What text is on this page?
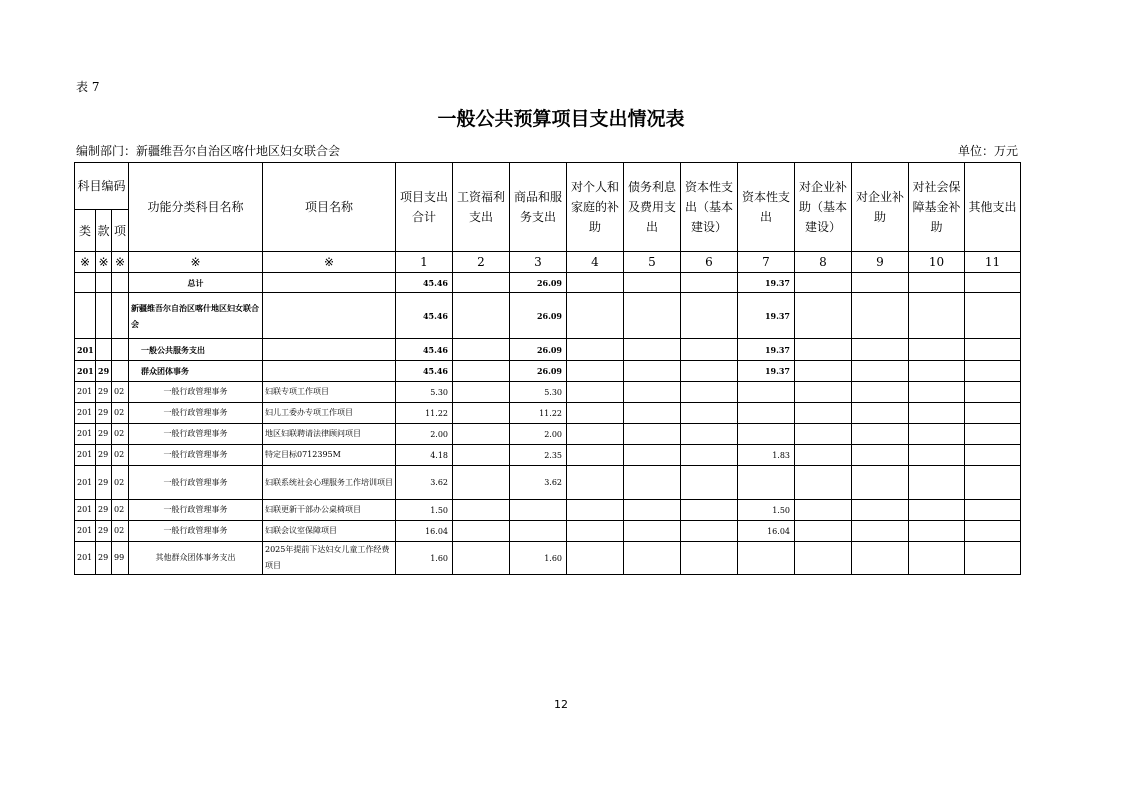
表 7
一般公共预算项目支出情况表
编制部门：新疆维吾尔自治区喀什地区妇女联合会	单位：万元
科目编码			功能分类科目名称	项目名称	项目支出合计	工资福利支出	商品和服务支出	对个人和家庭的补助	债务利息及费用支出	资本性支出（基本建设）	资本性支出	对企业补助（基本建设）	对企业补助	对社会保障基金补助	其他支出
类	款	项													
※	※	※	※	※	1	2	3	4	5	6	7	8	9	10	11
			总计		45.46		26.09				19.37				
			新疆维吾尔自治区喀什地区妇女联合会		45.46		26.09				19.37				
201			一般公共服务支出		45.46		26.09				19.37				
201	29		群众团体事务		45.46		26.09				19.37				
201	29	02	一般行政管理事务	妇联专项工作项目	5.30		5.30								
201	29	02	一般行政管理事务	妇儿工委办专项工作项目	11.22		11.22								
201	29	02	一般行政管理事务	地区妇联聘请法律顾问项目	2.00		2.00								
201	29	02	一般行政管理事务	特定目标0712395M	4.18		2.35				1.83				
201	29	02	一般行政管理事务	妇联系统社会心理服务工作培训项目	3.62		3.62								
201	29	02	一般行政管理事务	妇联更新干部办公桌椅项目	1.50						1.50				
201	29	02	一般行政管理事务	妇联会议室保障项目	16.04						16.04				
201	29	99	其他群众团体事务支出	2025年提前下达妇女儿童工作经费项目	1.60		1.60								
12
